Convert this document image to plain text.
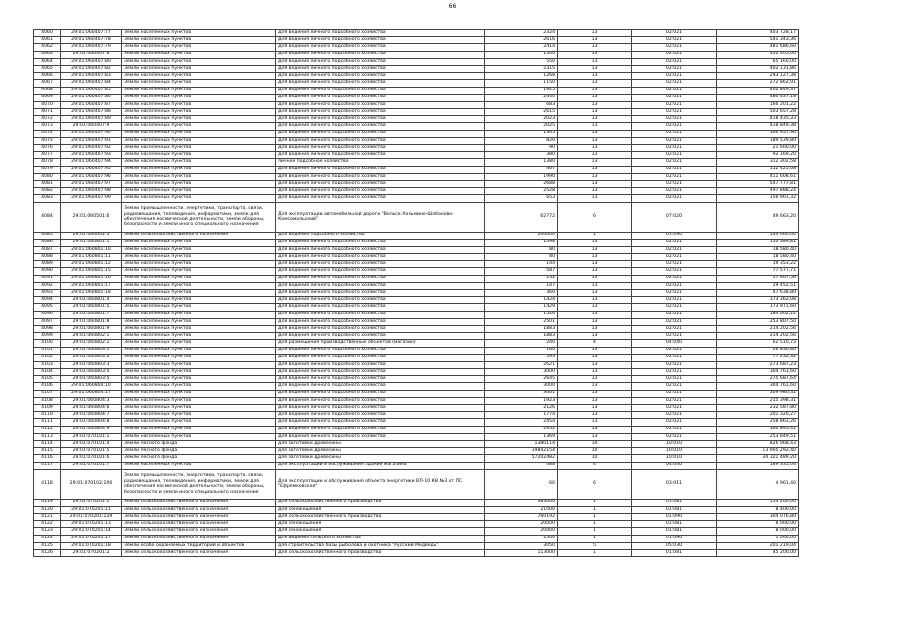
66
4060	29:01:060407:77	Земли населенных пунктов	Для ведения личного подсобного хозяйства	2324	13	02:021	403 728,17
4061	29:01:060407:78	Земли населенных пунктов	Для ведения личного подсобного хозяйства	2616	13	02:021	541 343,36
4062	29:01:060407:79	Земли населенных пунктов	Для ведения личного подсобного хозяйства	2414	13	02:021	481 686,60
4063	29:01:060407:8	Земли населенных пунктов	Для ведения личного подсобного хозяйства	1500	13	02:021	352 405,00
4064	29:01:060407:80	Земли населенных пунктов	Для ведения личного подсобного хозяйства	550	13	02:021	65 160,00
4065	29:01:060407:82	Земли населенных пунктов	Для ведения личного подсобного хозяйства	2315	13	02:021	402 131,86
4066	29:01:060407:83	Земли населенных пунктов	Для ведения личного подсобного хозяйства	1268	13	02:021	293 127,38
4067	29:01:060407:84	Земли населенных пунктов	Для ведения личного подсобного хозяйства	1150	13	02:021	272 862,91
4068	29:01:060407:85	Земли населенных пунктов	Для ведения личного подсобного хозяйства	1925	13	02:021	402 849,37
4069	29:01:060407:86	Земли населенных пунктов	Для ведения личного подсобного хозяйства	2440	13	02:021	480 637,18
4070	29:01:060407:87	Земли населенных пунктов	Для ведения личного подсобного хозяйства	683	13	02:021	166 201,22
4071	29:01:060407:88	Земли населенных пунктов	Для ведения личного подсобного хозяйства	2615	13	02:021	503 657,28
4072	29:01:060407:89	Земли населенных пунктов	Для ведения личного подсобного хозяйства	2023	13	02:021	418 435,33
4073	29:01:060407:9	Земли населенных пунктов	Для ведения личного подсобного хозяйства	2025	13	02:021	418 849,38
4074	29:01:060407:90	Земли населенных пунктов	Для ведения личного подсобного хозяйства	1365	13	02:021	306 957,90
4075	29:01:060407:91	Земли населенных пунктов	Для ведения личного подсобного хозяйства	820	13	02:021	189 539,80
4076	29:01:060407:92	Земли населенных пунктов	Для ведения личного подсобного хозяйства	90	13	02:021	21 600,00
4077	29:01:060407:93	Земли населенных пунктов	Для ведения личного подсобного хозяйства	380	13	02:021	92 169,20
4078	29:01:060407:94	Земли населенных пунктов	личное подсобное хозяйство	1380	13	02:021	312 302,58
4079	29:01:060407:95	Земли населенных пунктов	Для ведения личного подсобного хозяйства	467	13	02:021	112 425,08
4080	29:01:060407:96	Земли населенных пунктов	Для ведения личного подсобного хозяйства	1990	13	02:021	411 608,61
4081	29:01:060407:97	Земли населенных пунктов	Для ведения личного подсобного хозяйства	2688	13	02:021	547 777,81
4082	29:01:060407:98	Земли населенных пунктов	Для ведения личного подсобного хозяйства	2528	13	02:021	497 888,24
4083	29:01:060407:99	Земли населенных пунктов	Для ведения личного подсобного хозяйства	653	13	02:021	156 901,32
4084	29:01:060501:6	Земли промышленности, энергетики, транспорта, связи, радиовещания, телевидения, информатики, земли для обеспечения космической деятельности, земли обороны, безопасности и земли иного специального назначения	Для эксплуатации автомобильной дороги "Вельск-Хозьмино-Шабаново-Комсомольский"	62772	6	07:020	49 663,20
4085	29:01:060602:3	Земли сельскохозяйственного назначения	Для ведения подсобного хозяйства	200000	1	01:090	144 000,00
4086	29:01:060801:1	Земли населенных пунктов	Для ведения личного подсобного хозяйства	1498	13	02:021	150 389,81
4087	29:01:060801:10	Земли населенных пунктов	Для ведения личного подсобного хозяйства	80	13	02:021	18 580,40
4088	29:01:060801:11	Земли населенных пунктов	Для ведения личного подсобного хозяйства	80	13	02:021	18 580,40
4089	29:01:060801:12	Земли населенных пунктов	Для ведения личного подсобного хозяйства	144	13	02:021	19 353,22
4090	29:01:060801:15	Земли населенных пунктов	Для ведения личного подсобного хозяйства	587	13	02:021	77 577,71
4091	29:01:060801:16	Земли населенных пунктов	Для ведения личного подсобного хозяйства	132	13	02:021	17 467,56
4092	29:01:060801:17	Земли населенных пунктов	Для ведения личного подсобного хозяйства	147	13	02:021	19 452,51
4093	29:01:060801:18	Земли населенных пунктов	Для ведения личного подсобного хозяйства	360	13	02:021	47 638,80
4094	29:01:060801:4	Земли населенных пунктов	Для ведения личного подсобного хозяйства	1424	13	02:021	173 362,08
4095	29:01:060801:5	Земли населенных пунктов	Для ведения личного подсобного хозяйства	1429	13	02:021	173 971,60
4096	29:01:060801:7	Земли населенных пунктов	Для ведения личного подсобного хозяйства	1526	13	02:021	184 002,22
4097	29:01:060801:8	Земли населенных пунктов	Для ведения личного подсобного хозяйства	2501	13	02:021	253 807,50
4098	29:01:060801:9	Земли населенных пунктов	Для ведения личного подсобного хозяйства	1883	13	02:021	214 202,56
4099	29:01:060802:1	Земли населенных пунктов	Для ведения личного подсобного хозяйства	1883	13	02:021	214 202,56
4100	29:01:060802:2	Земли населенных пунктов	Для размещения производственных объектов (магазин)	240	4	04:040	62 510,73
4101	29:01:060803:1	Земли населенных пунктов	Для ведения личного подсобного хозяйства	160	13	02:021	26 836,80
4102	29:01:060803:2	Земли населенных пунктов	Для ведения личного подсобного хозяйства	593	13	02:021	77 232,32
4103	29:01:060803:3	Земли населенных пунктов	Для ведения личного подсобного хозяйства	2621	13	02:021	273 687,23
4104	29:01:060803:4	Земли населенных пунктов	Для ведения личного подсобного хозяйства	3000	13	02:021	304 761,60
4105	29:01:060803:5	Земли населенных пунктов	Для ведения личного подсобного хозяйства	2645	13	02:021	275 687,64
4106	29:01:060804:10	Земли населенных пунктов	Для ведения личного подсобного хозяйства	3000	13	02:021	304 761,60
4107	29:01:060804:17	Земли населенных пунктов	Для ведения личного подсобного хозяйства	3061	13	02:021	309 980,32
4108	29:01:060804:3	Земли населенных пунктов	Для ведения личного подсобного хозяйства	1923	13	02:021	215 398,31
4109	29:01:060804:6	Земли населенных пунктов	Для ведения личного подсобного хозяйства	2126	13	02:021	232 587,80
4110	29:01:060804:7	Земли населенных пунктов	Для ведения личного подсобного хозяйства	1774	13	02:021	201 320,27
4111	29:01:060804:8	Земли населенных пунктов	Для ведения личного подсобного хозяйства	2454	13	02:021	258 863,26
4112	29:01:060804:9	Земли населенных пунктов	Для ведения личного подсобного хозяйства	2952	13	02:021	300 895,41
4113	29:01:070101:1	Земли населенных пунктов	Для ведения личного подсобного хозяйства	1369	13	02:021	253 849,51
4114	29:01:070101:4	Земли лесного фонда	для заготовки древесины	1380114	10	10:010	826 068,43
4115	29:01:070101:5	Земли лесного фонда	для заготовки древесины	19842154	10	10:010	13 905 292,40
4116	29:01:070101:6	Земли лесного фонда	для заготовки древесины	57202482	10	10:010	34 321 489,20
4117	29:01:070101:7	Земли населенных пунктов	Для эксплуатации и обслуживания здания магазина	488	4	04:040	189 335,04
4118	29:01:070102:200	Земли промышленности, энергетики, транспорта, связи, радиовещания, телевидения, информатики, земли для обеспечения космической деятельности, земли обороны, безопасности и земли иного специального назначения	Для эксплуатации и обслуживания объекта энергетики ВЛ-10 КВ №3 от ПС "Ефремковская"	60	6	03:011	4 961,40
4119	29:01:070201:1	Земли сельскохозяйственного назначения	Для сельскохозяйственного производства	383000	1	01:081	153 200,00
4120	29:01:070201:11	Земли сельскохозяйственного назначения	Для сенокошения	21000	1	01:081	8 400,00
4121	29:01:070201:129	Земли сельскохозяйственного назначения	Для сельскохозяйственного производства	760192	1	01:090	304 076,80
4122	29:01:070201:13	Земли сельскохозяйственного назначения	Для сенокошения	20000	1	01:081	8 000,00
4123	29:01:070201:14	Земли сельскохозяйственного назначения	Для сенокошения	20000	1	01:081	8 000,00
4124	29:01:070201:17	Земли сельскохозяйственного назначения	Для ведения сельского хозяйства	2500	1	01:090	1 000,00
4125	29:01:070201:18	Земли особо охраняемых территорий и объектов	для строительства базы рыболова и охотника "Русский Медведь"	3050	5	05:030	201 219,04
4126	29:01:070201:2	Земли сельскохозяйственного назначения	Для сельскохозяйственного производства	113000	1	01:081	45 200,00
